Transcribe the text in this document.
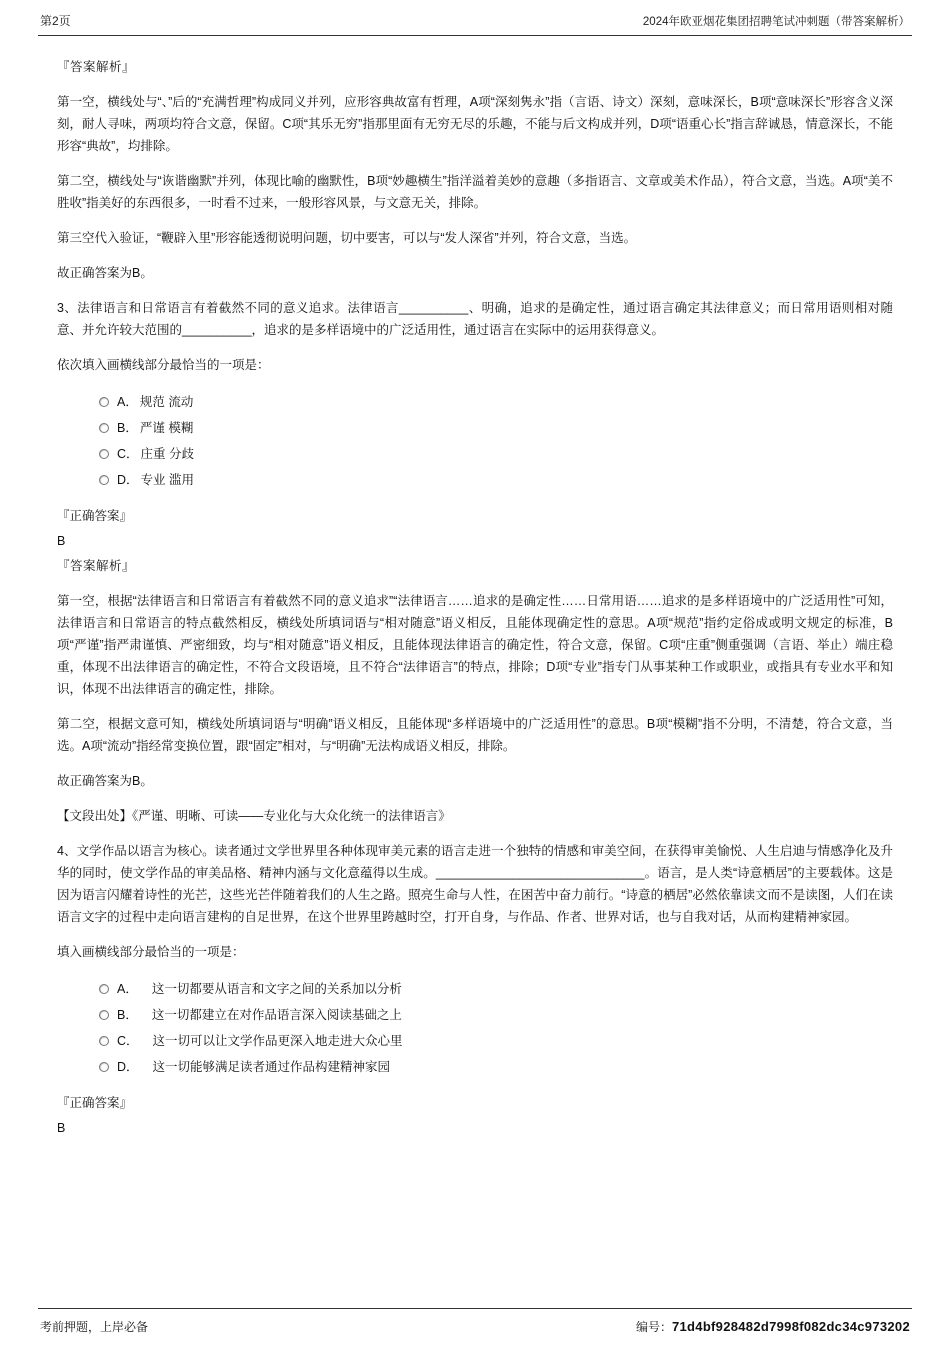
第2页	2024年欧亚烟花集团招聘笔试冲刺题（带答案解析）

『答案解析』

第一空，横线处与“、”后的“充满哲理”构成同义并列，应形容典故富有哲理，A项“深刻隽永”指（言语、诗文）深刻，意味深长，B项“意味深长”形容含义深刻，耐人寻味，两项均符合文意，保留。C项“其乐无穷”指那里面有无穷无尽的乐趣，不能与后文构成并列，D项“语重心长”指言辞诚恳，情意深长，不能形容“典故”，均排除。

第二空，横线处与“诙谐幽默”并列，体现比喻的幽默性，B项“妙趣横生”指洋溢着美妙的意趣（多指语言、文章或美术作品），符合文意，当选。A项“美不胜收”指美好的东西很多，一时看不过来，一般形容风景，与文意无关，排除。

第三空代入验证，“鞭辟入里”形容能透彻说明问题，切中要害，可以与“发人深省”并列，符合文意，当选。

故正确答案为B。

3、法律语言和日常语言有着截然不同的意义追求。法律语言__________、明确，追求的是确定性，通过语言确定其法律意义；而日常用语则相对随意、并允许较大范围的__________，追求的是多样语境中的广泛适用性，通过语言在实际中的运用获得意义。

依次填入画横线部分最恰当的一项是：

A． 规范 流动
B． 严谨 模糊
C． 庄重 分歧
D． 专业 滥用

『正确答案』

B

『答案解析』

第一空，根据“法律语言和日常语言有着截然不同的意义追求”“法律语言……追求的是确定性……日常用语……追求的是多样语境中的广泛适用性”可知，法律语言和日常语言的特点截然相反，横线处所填词语与“相对随意”语义相反，且能体现确定性的意思。A项“规范”指约定俗成或明文规定的标准，B项“严谨”指严肃谨慎、严密细致，均与“相对随意”语义相反，且能体现法律语言的确定性，符合文意，保留。C项“庄重”侧重强调（言语、举止）端庄稳重，体现不出法律语言的确定性，不符合文段语境，且不符合“法律语言”的特点，排除；D项“专业”指专门从事某种工作或职业，或指具有专业水平和知识，体现不出法律语言的确定性，排除。

第二空，根据文意可知，横线处所填词语与“明确”语义相反，且能体现“多样语境中的广泛适用性”的意思。B项“模糊”指不分明，不清楚，符合文意，当选。A项“流动”指经常变换位置，跟“固定”相对，与“明确”无法构成语义相反，排除。

故正确答案为B。

【文段出处】《严谨、明晰、可读——专业化与大众化统一的法律语言》

4、文学作品以语言为核心。读者通过文学世界里各种体现审美元素的语言走进一个独特的情感和审美空间，在获得审美愉悦、人生启迪与情感净化及升华的同时，使文学作品的审美品格、精神内涵与文化意蕴得以生成。______________________________。语言，是人类“诗意栖居”的主要载体。这是因为语言闪耀着诗性的光芒，这些光芒伴随着我们的人生之路。照亮生命与人性，在困苦中奋力前行。“诗意的栖居”必然依靠读文而不是读图，人们在读语言文字的过程中走向语言建构的自足世界，在这个世界里跨越时空，打开自身，与作品、作者、世界对话，也与自我对话，从而构建精神家园。

填入画横线部分最恰当的一项是：

A． 这一切都要从语言和文字之间的关系加以分析
B． 这一切都建立在对作品语言深入阅读基础之上
C． 这一切可以让文学作品更深入地走进大众心里
D． 这一切能够满足读者通过作品构建精神家园

『正确答案』

B

考前押题，上岸必备	编号：71d4bf928482d7998f082dc34c973202
